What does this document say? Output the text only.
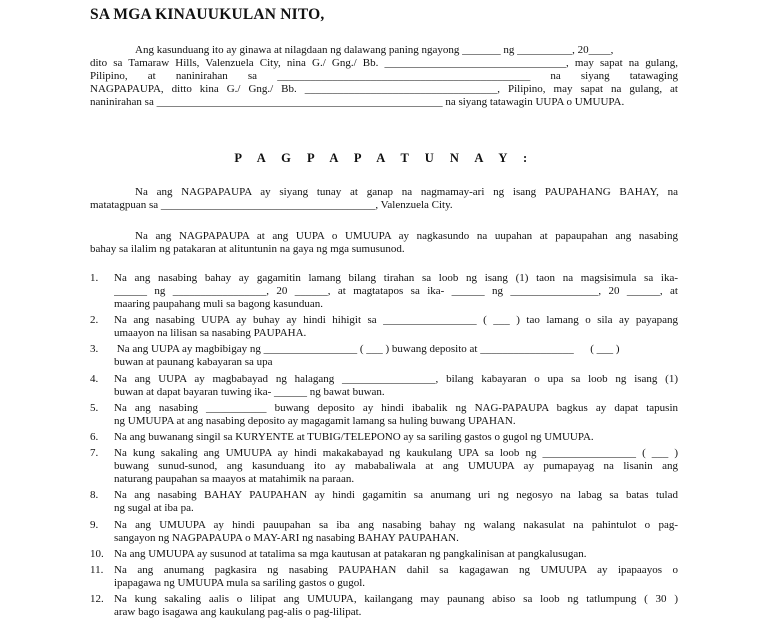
SA MGA KINAUUKULAN NITO,
Ang kasunduang ito ay ginawa at nilagdaan ng dalawang paning ngayong _______ ng __________, 20____,
dito sa Tamaraw Hills, Valenzuela City, nina G./ Gng./ Bb. _________________________________, may sapat na gulang,
Pilipino, at naninirahan sa ______________________________________________ na siyang tatawaging
NAGPAPAUPA, ditto kina G./ Gng./ Bb. ___________________________________, Pilipino, may sapat na gulang, at
naninirahan sa ____________________________________________________ na siyang tatawagin UUPA o UMUUPA.
P A G P A P A T U N A Y :
Na ang NAGPAPAUPA ay siyang tunay at ganap na nagmamay-ari ng isang PAUPAHANG BAHAY, na
matatagpuan sa _______________________________________, Valenzuela City.
Na ang NAGPAPAUPA at ang UUPA o UMUUPA ay nagkasundo na uupahan at papaupahan ang nasabing
bahay sa ilalim ng patakaran at alituntunin na gaya ng mga sumusunod.
1. Na ang nasabing bahay ay gagamitin lamang bilang tirahan sa loob ng isang (1) taon na magsisimula sa ika-
______ ng _________________, 20 ______, at magtatapos sa ika- ______ ng ________________, 20 ______, at
maaring paupahang muli sa bagong kasunduan.
2. Na ang nasabing UUPA ay buhay ay hindi hihigit sa _________________ ( ___ ) tao lamang o sila ay payapang
umaayon na lilisan sa nasabing PAUPAHA.
3. Na ang UUPA ay magbibigay ng _________________ ( ___ ) buwang deposito at _________________      ( ___ )
buwan at paunang kabayaran sa upa
4. Na ang UUPA ay magbabayad ng halagang _________________, bilang kabayaran o upa sa loob ng isang (1)
buwan at dapat bayaran tuwing ika- ______ ng bawat buwan.
5. Na ang nasabing ___________ buwang deposito ay hindi ibabalik ng NAG-PAPAUPA bagkus ay dapat tapusin
ng UMUUPA at ang nasabing deposito ay magagamit lamang sa huling buwang UPAHAN.
6. Na ang buwanang singil sa KURYENTE at TUBIG/TELEPONO ay sa sariling gastos o gugol ng UMUUPA.
7. Na kung sakaling ang UMUUPA ay hindi makakabayad ng kaukulang UPA sa loob ng _________________ ( ___ )
buwang sunud-sunod, ang kasunduang ito ay mababaliwala at ang UMUUPA ay pumapayag na lisanin ang
naturang paupahan sa maayos at matahimik na paraan.
8. Na ang nasabing BAHAY PAUPAHAN ay hindi gagamitin sa anumang uri ng negosyo na labag sa batas tulad
ng sugal at iba pa.
9. Na ang UMUUPA ay hindi pauupahan sa iba ang nasabing bahay ng walang nakasulat na pahintulot o pag-
sangayon ng NAGPAPAUPA o MAY-ARI ng nasabing BAHAY PAUPAHAN.
10. Na ang UMUUPA ay susunod at tatalima sa mga kautusan at patakaran ng pangkalinisan at pangkalusugan.
11. Na ang anumang pagkasira ng nasabing PAUPAHAN dahil sa kagagawan ng UMUUPA ay ipapaayos o
ipapagawa ng UMUUPA mula sa sariling gastos o gugol.
12. Na kung sakaling aalis o lilipat ang UMUUPA, kailangang may paunang abiso sa loob ng tatlumpung ( 30 )
araw bago isagawa ang kaukulang pag-alis o pag-lilipat.
